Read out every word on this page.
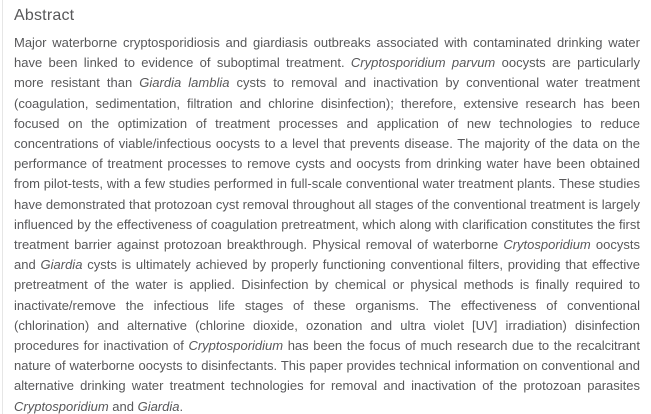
Abstract

Major waterborne cryptosporidiosis and giardiasis outbreaks associated with contaminated drinking water have been linked to evidence of suboptimal treatment. Cryptosporidium parvum oocysts are particularly more resistant than Giardia lamblia cysts to removal and inactivation by conventional water treatment (coagulation, sedimentation, filtration and chlorine disinfection); therefore, extensive research has been focused on the optimization of treatment processes and application of new technologies to reduce concentrations of viable/infectious oocysts to a level that prevents disease. The majority of the data on the performance of treatment processes to remove cysts and oocysts from drinking water have been obtained from pilot-tests, with a few studies performed in full-scale conventional water treatment plants. These studies have demonstrated that protozoan cyst removal throughout all stages of the conventional treatment is largely influenced by the effectiveness of coagulation pretreatment, which along with clarification constitutes the first treatment barrier against protozoan breakthrough. Physical removal of waterborne Crytosporidium oocysts and Giardia cysts is ultimately achieved by properly functioning conventional filters, providing that effective pretreatment of the water is applied. Disinfection by chemical or physical methods is finally required to inactivate/remove the infectious life stages of these organisms. The effectiveness of conventional (chlorination) and alternative (chlorine dioxide, ozonation and ultra violet [UV] irradiation) disinfection procedures for inactivation of Cryptosporidium has been the focus of much research due to the recalcitrant nature of waterborne oocysts to disinfectants. This paper provides technical information on conventional and alternative drinking water treatment technologies for removal and inactivation of the protozoan parasites Cryptosporidium and Giardia.
